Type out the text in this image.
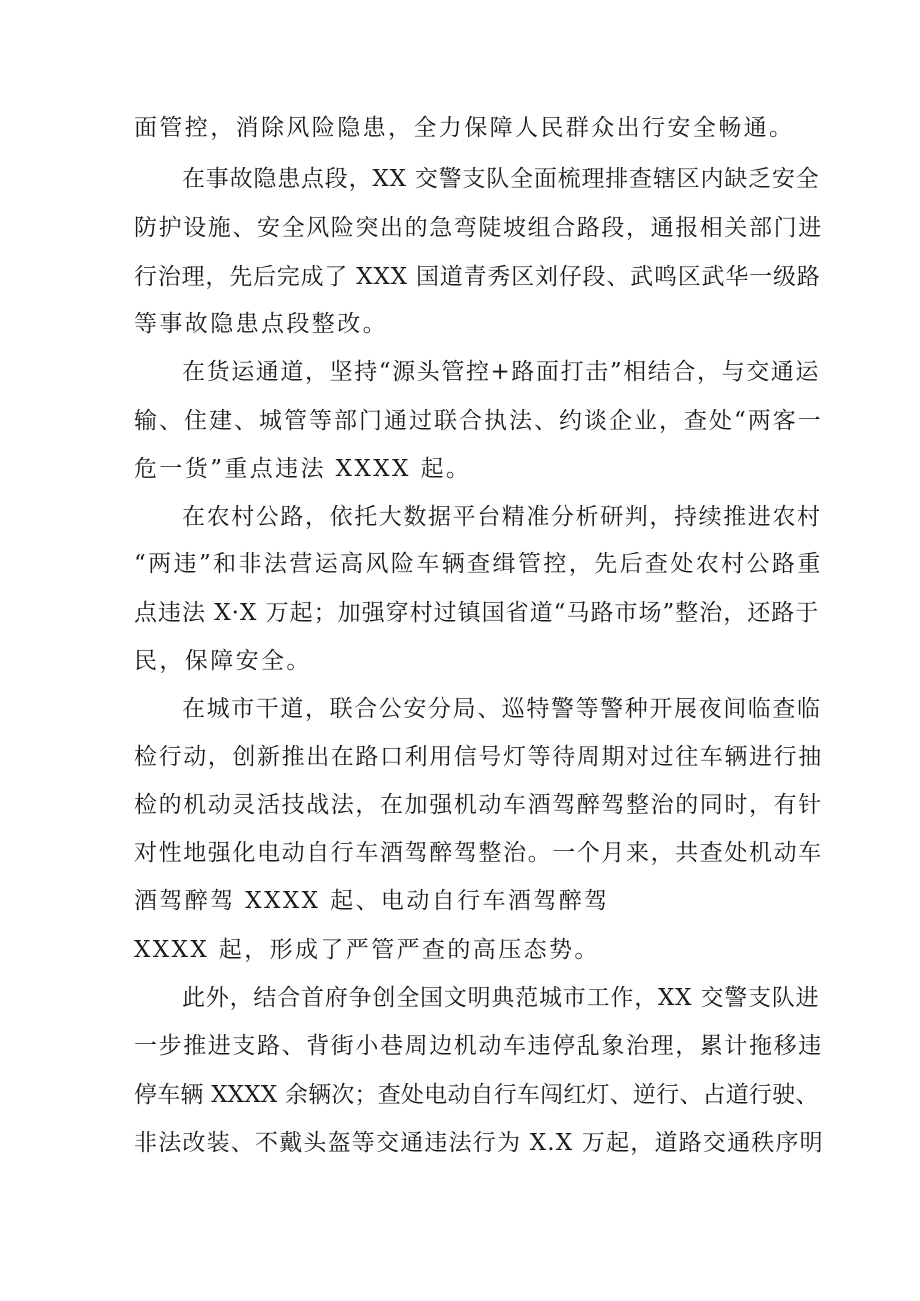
面管控，消除风险隐患，全力保障人民群众出行安全畅通。
在事故隐患点段，XX 交警支队全面梳理排查辖区内缺乏安全
防护设施、安全风险突出的急弯陡坡组合路段，通报相关部门进
行治理，先后完成了 XXX 国道青秀区刘仔段、武鸣区武华一级路
等事故隐患点段整改。
在货运通道，坚持“源头管控+路面打击”相结合，与交通运
输、住建、城管等部门通过联合执法、约谈企业，查处“两客一
危一货”重点违法 XXXX 起。
在农村公路，依托大数据平台精准分析研判，持续推进农村
“两违”和非法营运高风险车辆查缉管控，先后查处农村公路重
点违法 X·X 万起；加强穿村过镇国省道“马路市场”整治，还路于
民，保障安全。
在城市干道，联合公安分局、巡特警等警种开展夜间临查临
检行动，创新推出在路口利用信号灯等待周期对过往车辆进行抽
检的机动灵活技战法，在加强机动车酒驾醉驾整治的同时，有针
对性地强化电动自行车酒驾醉驾整治。一个月来，共查处机动车
酒驾醉驾 XXXX 起、电动自行车酒驾醉驾
XXXX 起，形成了严管严查的高压态势。
此外，结合首府争创全国文明典范城市工作，XX 交警支队进
一步推进支路、背街小巷周边机动车违停乱象治理，累计拖移违
停车辆 XXXX 余辆次；查处电动自行车闯红灯、逆行、占道行驶、
非法改装、不戴头盔等交通违法行为 X.X 万起，道路交通秩序明
